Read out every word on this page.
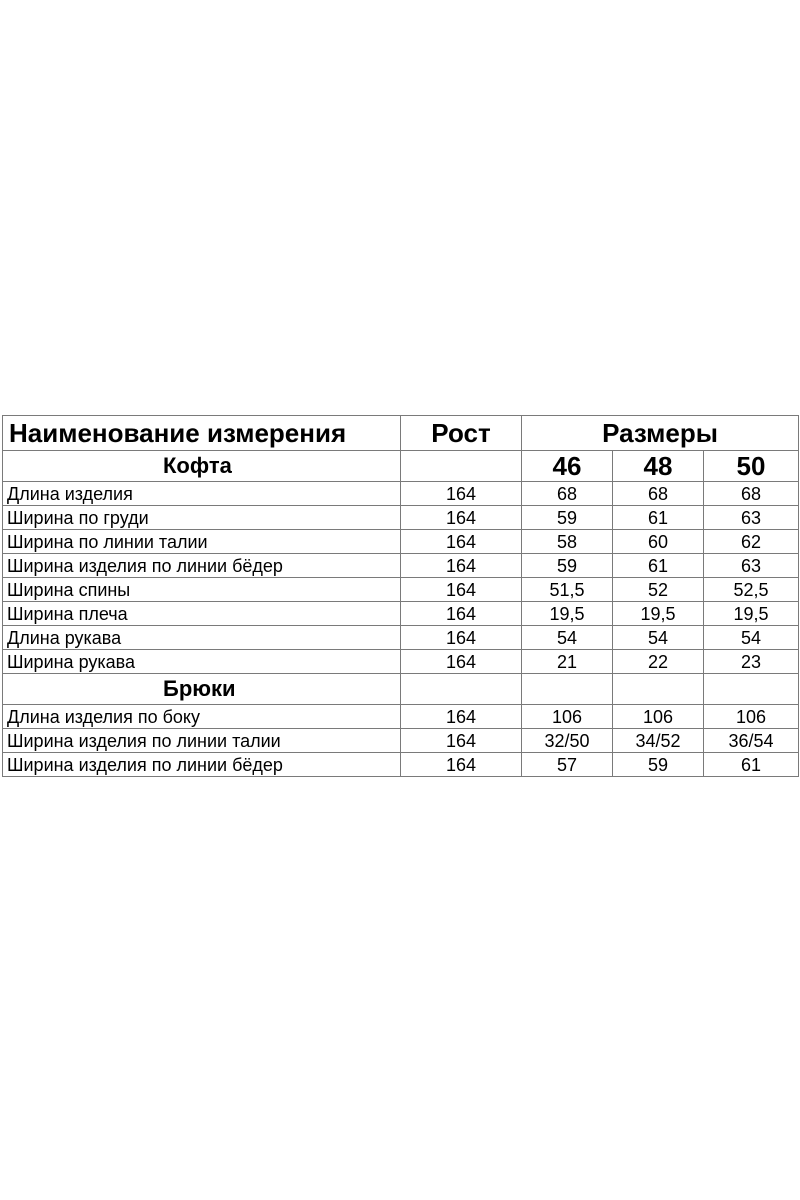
Наименование измерения	Рост	Размеры		
Кофта		46	48	50
Длина изделия	164	68	68	68
Ширина по груди	164	59	61	63
Ширина по линии талии	164	58	60	62
Ширина изделия по линии бёдер	164	59	61	63
Ширина спины	164	51,5	52	52,5
Ширина плеча	164	19,5	19,5	19,5
Длина рукава	164	54	54	54
Ширина рукава	164	21	22	23
Брюки				
Длина изделия по боку	164	106	106	106
Ширина изделия по линии талии	164	32/50	34/52	36/54
Ширина изделия по линии бёдер	164	57	59	61
